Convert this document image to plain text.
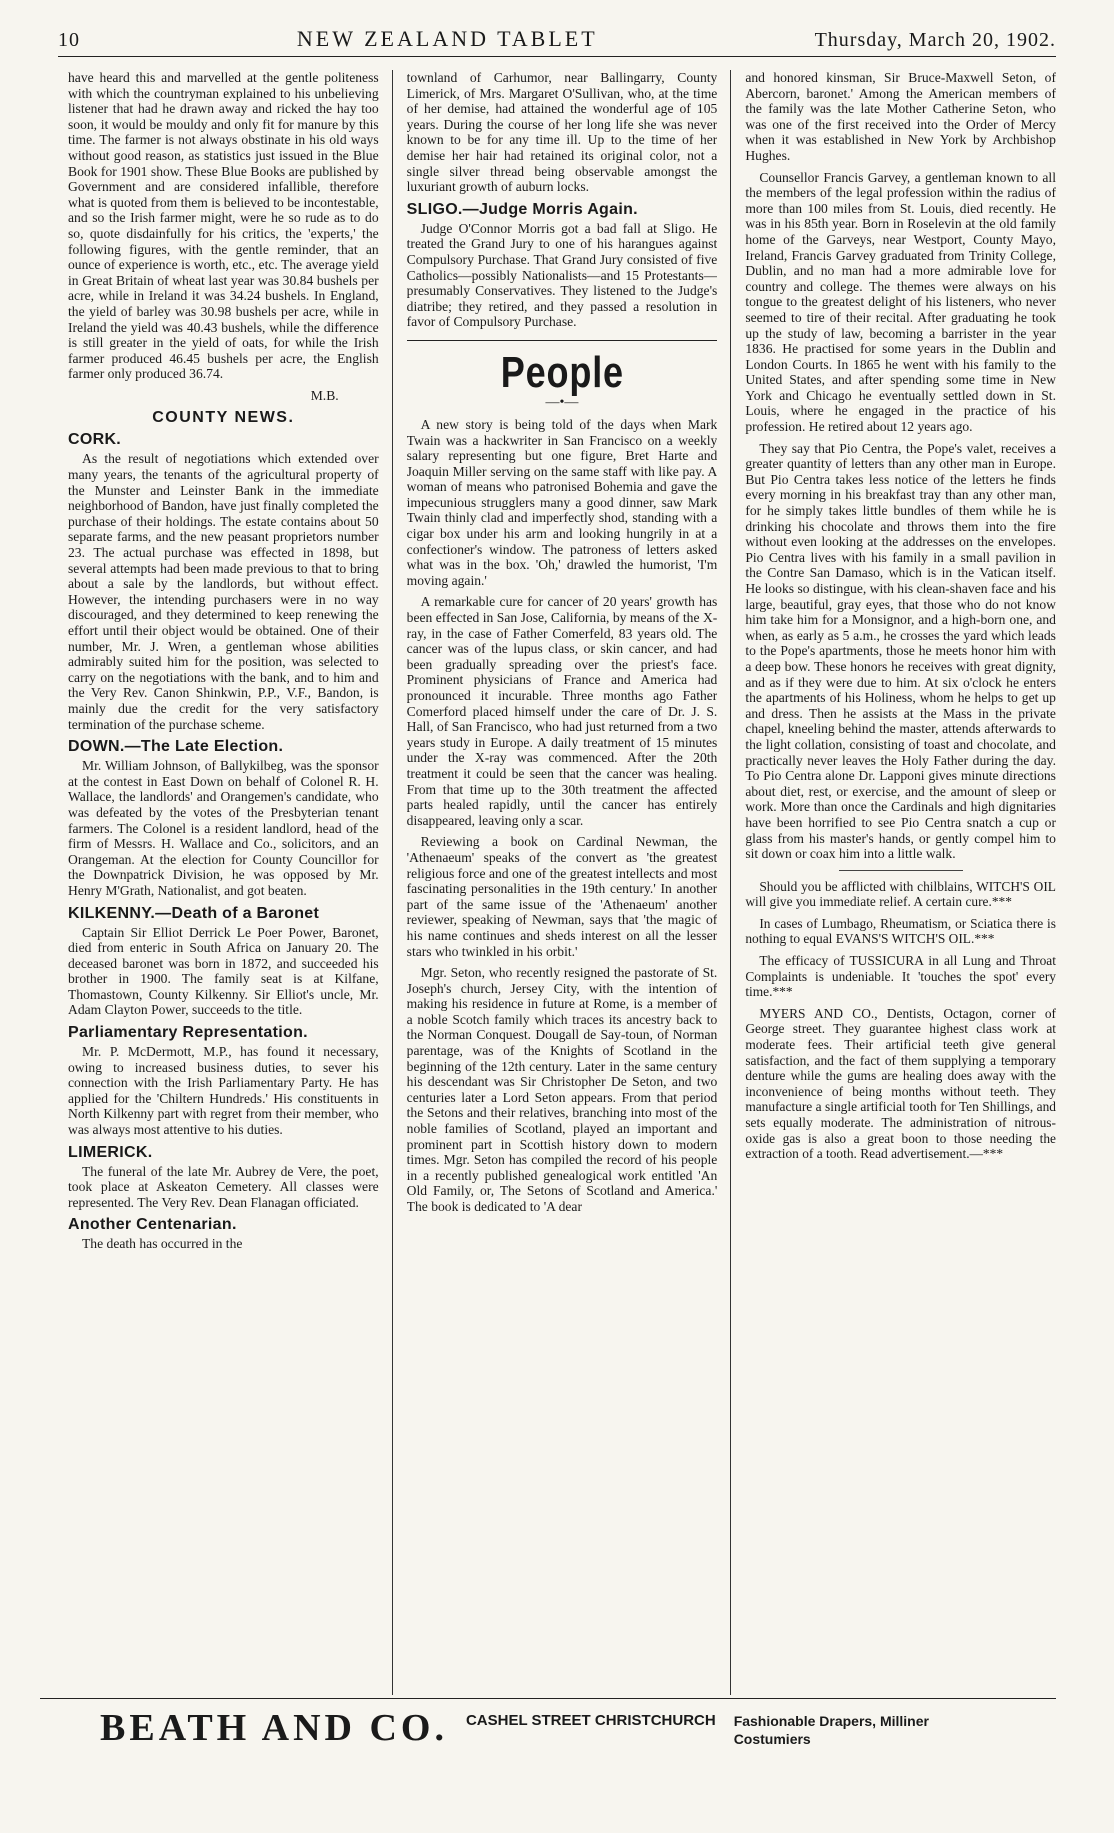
10	NEW ZEALAND TABLET	Thursday, March 20, 1902.

have heard this and marvelled at the gentle politeness with which the countryman explained to his unbelieving listener that had he drawn away and ricked the hay too soon, it would be mouldy and only fit for manure by this time. The farmer is not always obstinate in his old ways without good reason, as statistics just issued in the Blue Book for 1901 show. These Blue Books are published by Government and are considered infallible, therefore what is quoted from them is believed to be incontestable, and so the Irish farmer might, were he so rude as to do so, quote disdainfully for his critics, the 'experts,' the following figures, with the gentle reminder, that an ounce of experience is worth, etc., etc. The average yield in Great Britain of wheat last year was 30.84 bushels per acre, while in Ireland it was 34.24 bushels. In England, the yield of barley was 30.98 bushels per acre, while in Ireland the yield was 40.43 bushels, while the difference is still greater in the yield of oats, for while the Irish farmer produced 46.45 bushels per acre, the English farmer only produced 36.74.

M.B.

COUNTY NEWS.
CORK.

As the result of negotiations which extended over many years, the tenants of the agricultural property of the Munster and Leinster Bank in the immediate neighborhood of Bandon, have just finally completed the purchase of their holdings. The estate contains about 50 separate farms, and the new peasant proprietors number 23. The actual purchase was effected in 1898, but several attempts had been made previous to that to bring about a sale by the landlords, but without effect. However, the intending purchasers were in no way discouraged, and they determined to keep renewing the effort until their object would be obtained. One of their number, Mr. J. Wren, a gentleman whose abilities admirably suited him for the position, was selected to carry on the negotiations with the bank, and to him and the Very Rev. Canon Shinkwin, P.P., V.F., Bandon, is mainly due the credit for the very satisfactory termination of the purchase scheme.

DOWN.—The Late Election.

Mr. William Johnson, of Ballykilbeg, was the sponsor at the contest in East Down on behalf of Colonel R. H. Wallace, the landlords' and Orangemen's candidate, who was defeated by the votes of the Presbyterian tenant farmers. The Colonel is a resident landlord, head of the firm of Messrs. H. Wallace and Co., solicitors, and an Orangeman. At the election for County Councillor for the Downpatrick Division, he was opposed by Mr. Henry M'Grath, Nationalist, and got beaten.

KILKENNY.—Death of a Baronet

Captain Sir Elliot Derrick Le Poer Power, Baronet, died from enteric in South Africa on January 20. The deceased baronet was born in 1872, and succeeded his brother in 1900. The family seat is at Kilfane, Thomastown, County Kilkenny. Sir Elliot's uncle, Mr. Adam Clayton Power, succeeds to the title.

Parliamentary Representation.

Mr. P. McDermott, M.P., has found it necessary, owing to increased business duties, to sever his connection with the Irish Parliamentary Party. He has applied for the 'Chiltern Hundreds.' His constituents in North Kilkenny part with regret from their member, who was always most attentive to his duties.

LIMERICK.

The funeral of the late Mr. Aubrey de Vere, the poet, took place at Askeaton Cemetery. All classes were represented. The Very Rev. Dean Flanagan officiated.

Another Centenarian.

The death has occurred in the

townland of Carhumor, near Ballingarry, County Limerick, of Mrs. Margaret O'Sullivan, who, at the time of her demise, had attained the wonderful age of 105 years. During the course of her long life she was never known to be for any time ill. Up to the time of her demise her hair had retained its original color, not a single silver thread being observable amongst the luxuriant growth of auburn locks.

SLIGO.—Judge Morris Again.

Judge O'Connor Morris got a bad fall at Sligo. He treated the Grand Jury to one of his harangues against Compulsory Purchase. That Grand Jury consisted of five Catholics—possibly Nationalists—and 15 Protestants—presumably Conservatives. They listened to the Judge's diatribe; they retired, and they passed a resolution in favor of Compulsory Purchase.

People
—•—

A new story is being told of the days when Mark Twain was a hackwriter in San Francisco on a weekly salary representing but one figure, Bret Harte and Joaquin Miller serving on the same staff with like pay. A woman of means who patronised Bohemia and gave the impecunious strugglers many a good dinner, saw Mark Twain thinly clad and imperfectly shod, standing with a cigar box under his arm and looking hungrily in at a confectioner's window. The patroness of letters asked what was in the box. 'Oh,' drawled the humorist, 'I'm moving again.'

A remarkable cure for cancer of 20 years' growth has been effected in San Jose, California, by means of the X-ray, in the case of Father Comerfeld, 83 years old. The cancer was of the lupus class, or skin cancer, and had been gradually spreading over the priest's face. Prominent physicians of France and America had pronounced it incurable. Three months ago Father Comerford placed himself under the care of Dr. J. S. Hall, of San Francisco, who had just returned from a two years study in Europe. A daily treatment of 15 minutes under the X-ray was commenced. After the 20th treatment it could be seen that the cancer was healing. From that time up to the 30th treatment the affected parts healed rapidly, until the cancer has entirely disappeared, leaving only a scar.

Reviewing a book on Cardinal Newman, the 'Athenaeum' speaks of the convert as 'the greatest religious force and one of the greatest intellects and most fascinating personalities in the 19th century.' In another part of the same issue of the 'Athenaeum' another reviewer, speaking of Newman, says that 'the magic of his name continues and sheds interest on all the lesser stars who twinkled in his orbit.'

Mgr. Seton, who recently resigned the pastorate of St. Joseph's church, Jersey City, with the intention of making his residence in future at Rome, is a member of a noble Scotch family which traces its ancestry back to the Norman Conquest. Dougall de Say-toun, of Norman parentage, was of the Knights of Scotland in the beginning of the 12th century. Later in the same century his descendant was Sir Christopher De Seton, and two centuries later a Lord Seton appears. From that period the Setons and their relatives, branching into most of the noble families of Scotland, played an important and prominent part in Scottish history down to modern times. Mgr. Seton has compiled the record of his people in a recently published genealogical work entitled 'An Old Family, or, The Setons of Scotland and America.' The book is dedicated to 'A dear

and honored kinsman, Sir Bruce-Maxwell Seton, of Abercorn, baronet.' Among the American members of the family was the late Mother Catherine Seton, who was one of the first received into the Order of Mercy when it was established in New York by Archbishop Hughes.

Counsellor Francis Garvey, a gentleman known to all the members of the legal profession within the radius of more than 100 miles from St. Louis, died recently. He was in his 85th year. Born in Roselevin at the old family home of the Garveys, near Westport, County Mayo, Ireland, Francis Garvey graduated from Trinity College, Dublin, and no man had a more admirable love for country and college. The themes were always on his tongue to the greatest delight of his listeners, who never seemed to tire of their recital. After graduating he took up the study of law, becoming a barrister in the year 1836. He practised for some years in the Dublin and London Courts. In 1865 he went with his family to the United States, and after spending some time in New York and Chicago he eventually settled down in St. Louis, where he engaged in the practice of his profession. He retired about 12 years ago.

They say that Pio Centra, the Pope's valet, receives a greater quantity of letters than any other man in Europe. But Pio Centra takes less notice of the letters he finds every morning in his breakfast tray than any other man, for he simply takes little bundles of them while he is drinking his chocolate and throws them into the fire without even looking at the addresses on the envelopes. Pio Centra lives with his family in a small pavilion in the Contre San Damaso, which is in the Vatican itself. He looks so distingue, with his clean-shaven face and his large, beautiful, gray eyes, that those who do not know him take him for a Monsignor, and a high-born one, and when, as early as 5 a.m., he crosses the yard which leads to the Pope's apartments, those he meets honor him with a deep bow. These honors he receives with great dignity, and as if they were due to him. At six o'clock he enters the apartments of his Holiness, whom he helps to get up and dress. Then he assists at the Mass in the private chapel, kneeling behind the master, attends afterwards to the light collation, consisting of toast and chocolate, and practically never leaves the Holy Father during the day. To Pio Centra alone Dr. Lapponi gives minute directions about diet, rest, or exercise, and the amount of sleep or work. More than once the Cardinals and high dignitaries have been horrified to see Pio Centra snatch a cup or glass from his master's hands, or gently compel him to sit down or coax him into a little walk.

Should you be afflicted with chilblains, WITCH'S OIL will give you immediate relief. A certain cure.***

In cases of Lumbago, Rheumatism, or Sciatica there is nothing to equal EVANS'S WITCH'S OIL.***

The efficacy of TUSSICURA in all Lung and Throat Complaints is undeniable. It 'touches the spot' every time.***

MYERS AND CO., Dentists, Octagon, corner of George street. They guarantee highest class work at moderate fees. Their artificial teeth give general satisfaction, and the fact of them supplying a temporary denture while the gums are healing does away with the inconvenience of being months without teeth. They manufacture a single artificial tooth for Ten Shillings, and sets equally moderate. The administration of nitrous-oxide gas is also a great boon to those needing the extraction of a tooth. Read advertisement.—***

BEATH AND CO. CASHEL STREET CHRISTCHURCH Fashionable Drapers, Milliner
Costumiers
